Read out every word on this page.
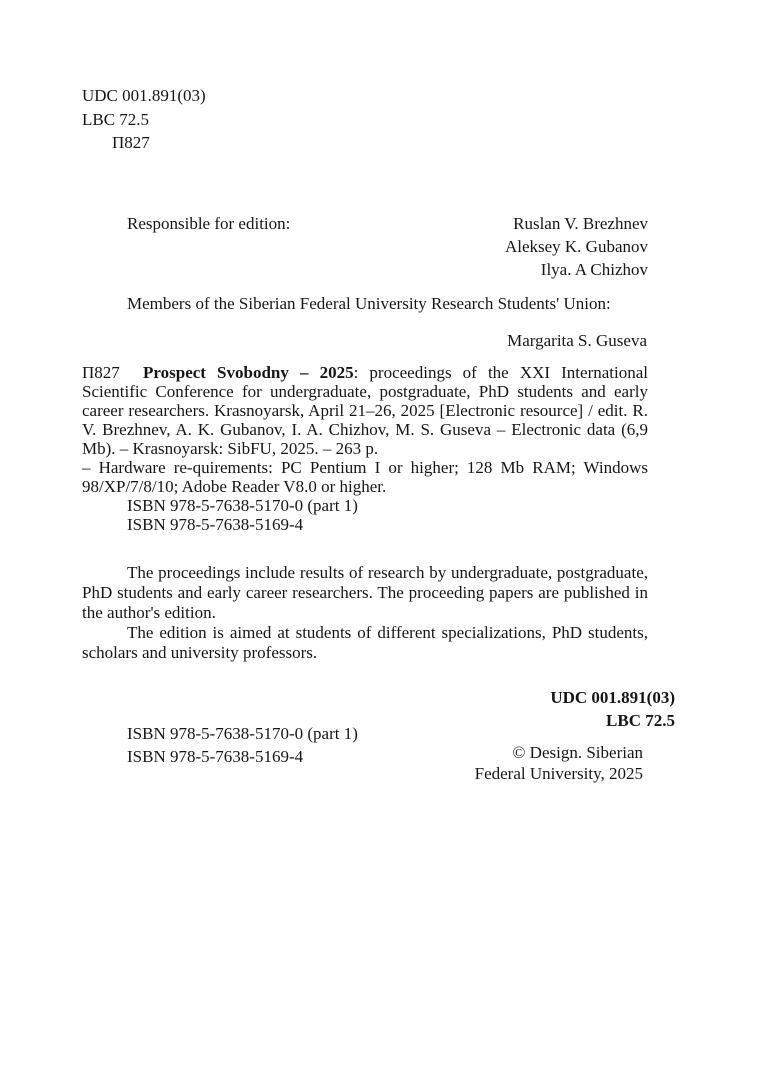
UDC 001.891(03)
LBC 72.5
П827
Responsible for edition:	Ruslan V. Brezhnev
Aleksey K. Gubanov
Ilya. A Chizhov
Members of the Siberian Federal University Research Students' Union:
Margarita S. Guseva

П827 Prospect Svobodny – 2025: proceedings of the XXI International Scientific Conference for undergraduate, postgraduate, PhD students and early career researchers. Krasnoyarsk, April 21–26, 2025 [Electronic resource] / edit. R. V. Brezhnev, A. K. Gubanov, I. A. Chizhov, M. S. Guseva – Electronic data (6,9 Mb). – Krasnoyarsk: SibFU, 2025. – 263 p.

– Hardware re-quirements: PC Pentium I or higher; 128 Mb RAM; Windows 98/XP/7/8/10; Adobe Reader V8.0 or higher.

ISBN 978-5-7638-5170-0 (part 1)
ISBN 978-5-7638-5169-4

The proceedings include results of research by undergraduate, postgraduate, PhD students and early career researchers. The proceeding papers are published in the author's edition.

The edition is aimed at students of different specializations, PhD students, scholars and university professors.

UDC 001.891(03)
LBC 72.5
ISBN 978-5-7638-5170-0 (part 1)
ISBN 978-5-7638-5169-4	© Design. Siberian
Federal University, 2025
